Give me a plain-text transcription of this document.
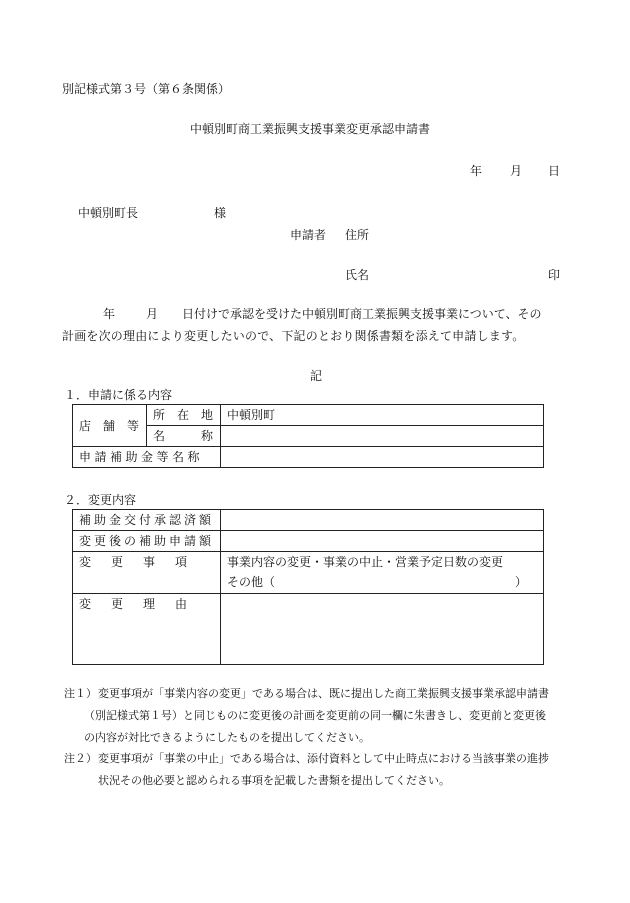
別記様式第３号（第６条関係）
中頓別町商工業振興支援事業変更承認申請書
年 月 日
中頓別町長	様
申請者 住所
氏名	印
年	月 日付けで承認を受けた中頓別町商工業振興支援事業について、その
計画を次の理由により変更したいので、下記のとおり関係書類を添えて申請します。
記
１．申請に係る内容
店　舗　等	所　在　地	中頓別町
	名　　　称	
申請補助金等名称		
２．変更内容
補助金交付承認済額	
変更後の補助申請額	
変　更　事　項	事業内容の変更・事業の中止・営業予定日数の変更
その他（ ）

変　更　理　由	
注１）変更事項が「事業内容の変更」である場合は、既に提出した商工業振興支援事業承認申請書
（別記様式第１号）と同じものに変更後の計画を変更前の同一欄に朱書きし、変更前と変更後
の内容が対比できるようにしたものを提出してください。
注２）変更事項が「事業の中止」である場合は、添付資料として中止時点における当該事業の進捗
状況その他必要と認められる事項を記載した書類を提出してください。
